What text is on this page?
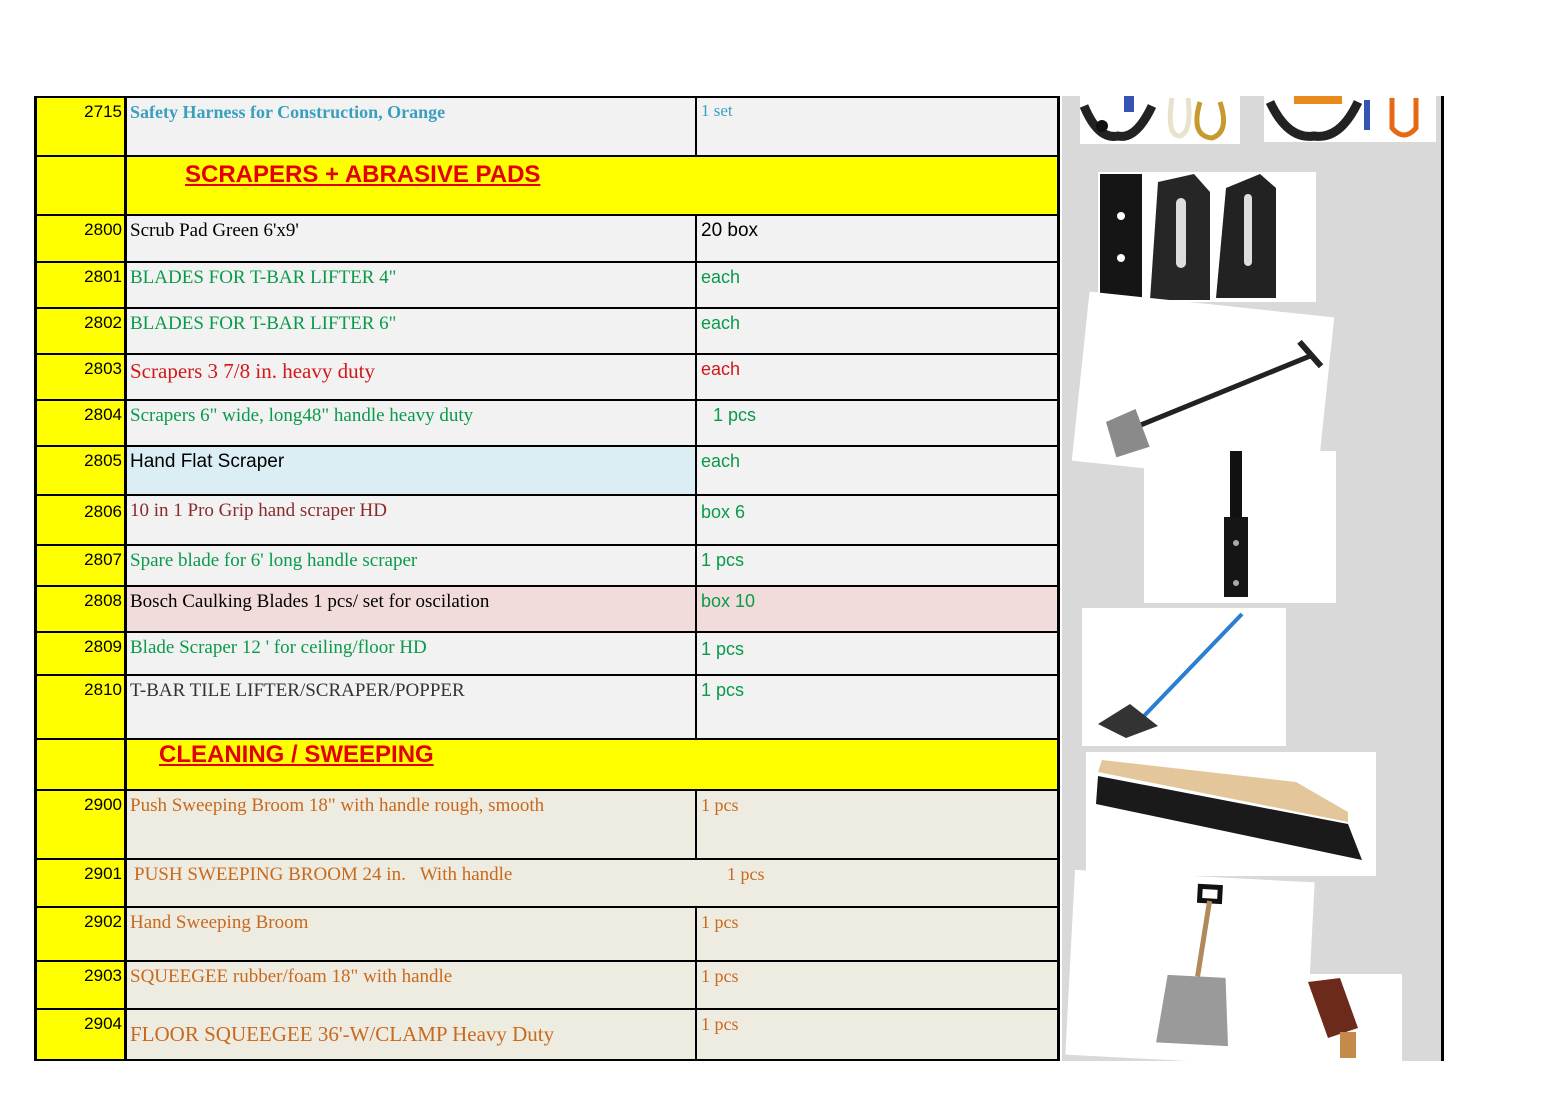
2715 Safety Harness for Construction, Orange	1 set
SCRAPERS + ABRASIVE PADS
2800 Scrub Pad Green 6'x9'	20 box
2801 BLADES FOR T-BAR LIFTER 4"	each
2802 BLADES FOR T-BAR LIFTER 6"	each
2803 Scrapers 3 7/8 in. heavy duty	each
2804 Scrapers 6" wide, long48" handle heavy duty	1 pcs
2805 Hand Flat Scraper	each
2806 10 in 1 Pro Grip hand scraper HD	box 6
2807 Spare blade for 6' long handle scraper	1 pcs
2808 Bosch Caulking Blades 1 pcs/ set for oscilation	box 10
2809 Blade Scraper 12 ' for ceiling/floor HD	1 pcs
2810 T-BAR TILE LIFTER/SCRAPER/POPPER	1 pcs
CLEANING / SWEEPING
2900 Push Sweeping Broom 18" with handle rough, smooth	1 pcs
2901 PUSH SWEEPING BROOM 24 in.   With handle	1 pcs
2902 Hand Sweeping Broom	1 pcs
2903 SQUEEGEE rubber/foam 18" with handle	1 pcs
2904 FLOOR SQUEEGEE 36'-W/CLAMP Heavy Duty	1 pcs
